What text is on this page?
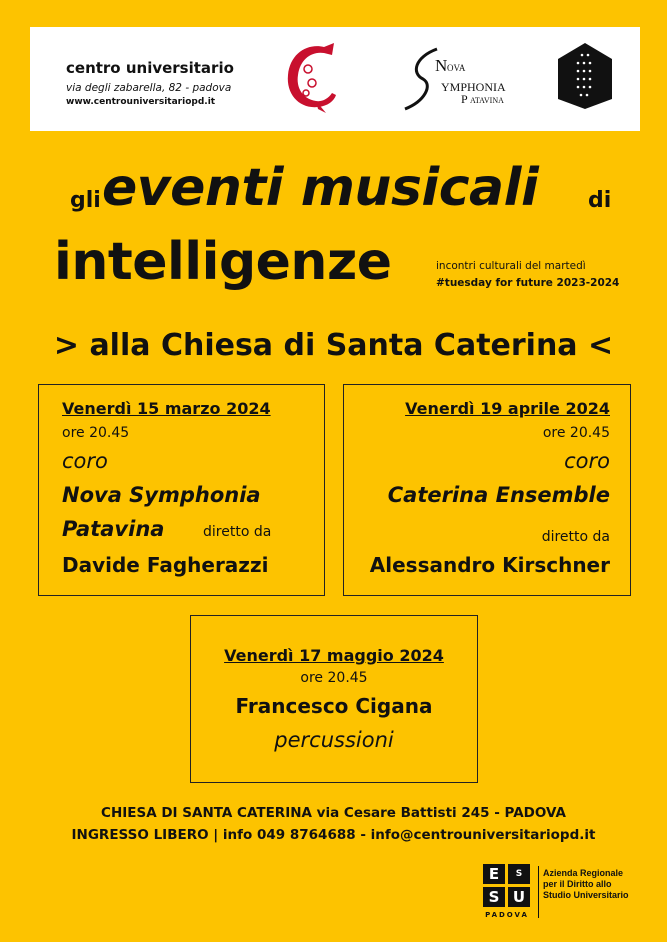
centro universitario
via degli zabarella, 82 - padova
www.centrouniversitariopd.it
N OVA
YMPHONIA
P ATAVINA
gli eventi musicali di
intelligenze	incontri culturali del martedì
#tuesday for future 2023-2024
> alla Chiesa di Santa Caterina <
Venerdì 15 marzo 2024
ore 20.45
coro
Nova Symphonia
Patavina	diretto da
Davide Fagherazzi
Venerdì 19 aprile 2024
ore 20.45
coro
Caterina Ensemble
diretto da
Alessandro Kirschner
Venerdì 17 maggio 2024
ore 20.45
Francesco Cigana
percussioni
CHIESA DI SANTA CATERINA via Cesare Battisti 245 - PADOVA
INGRESSO LIBERO | info 049 8764688 - info@centrouniversitariopd.it
E	S
S U
PADOVA
Azienda Regionale
per il Diritto allo
Studio Universitario
